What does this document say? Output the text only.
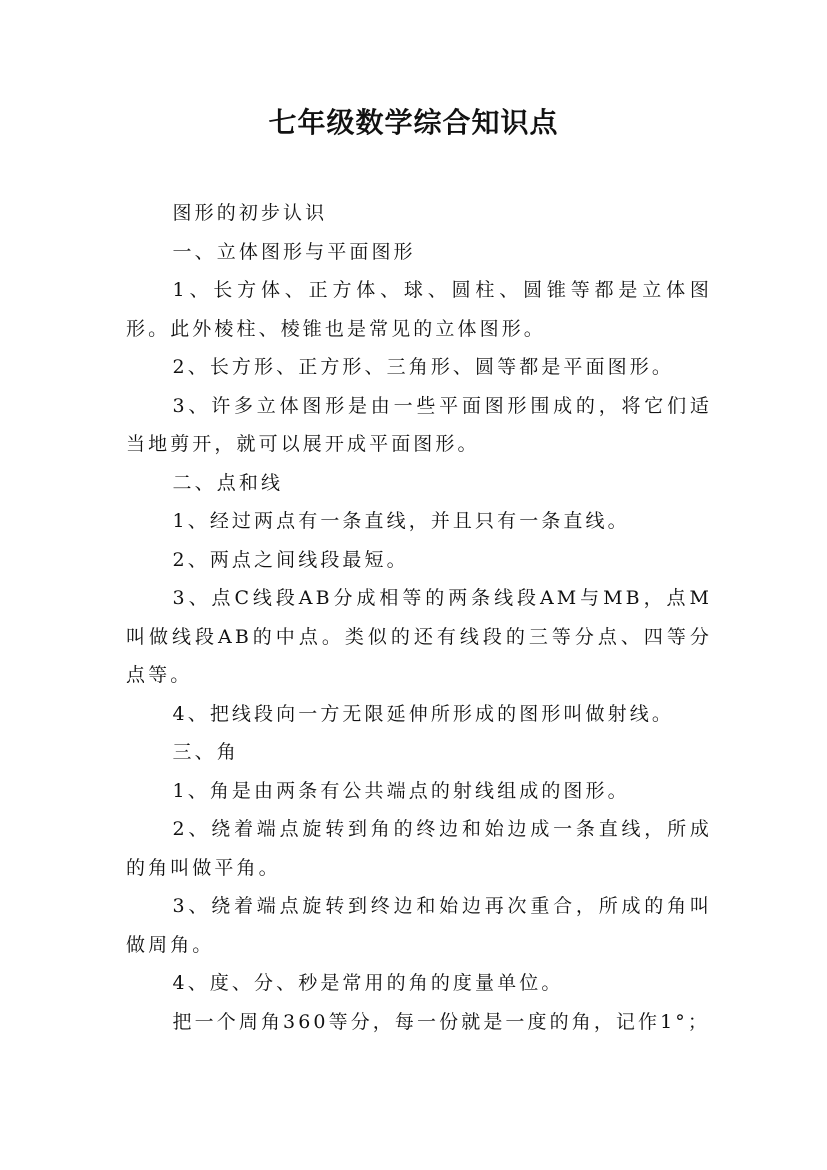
七年级数学综合知识点

图形的初步认识

一、立体图形与平面图形

1、长方体、正方体、球、圆柱、圆锥等都是立体图形。此外棱柱、棱锥也是常见的立体图形。

2、长方形、正方形、三角形、圆等都是平面图形。

3、许多立体图形是由一些平面图形围成的，将它们适当地剪开，就可以展开成平面图形。

二、点和线

1、经过两点有一条直线，并且只有一条直线。

2、两点之间线段最短。

3、点C线段AB分成相等的两条线段AM与MB，点M叫做线段AB的中点。类似的还有线段的三等分点、四等分点等。

4、把线段向一方无限延伸所形成的图形叫做射线。

三、角

1、角是由两条有公共端点的射线组成的图形。

2、绕着端点旋转到角的终边和始边成一条直线，所成的角叫做平角。

3、绕着端点旋转到终边和始边再次重合，所成的角叫做周角。

4、度、分、秒是常用的角的度量单位。

把一个周角360等分，每一份就是一度的角，记作1°；
